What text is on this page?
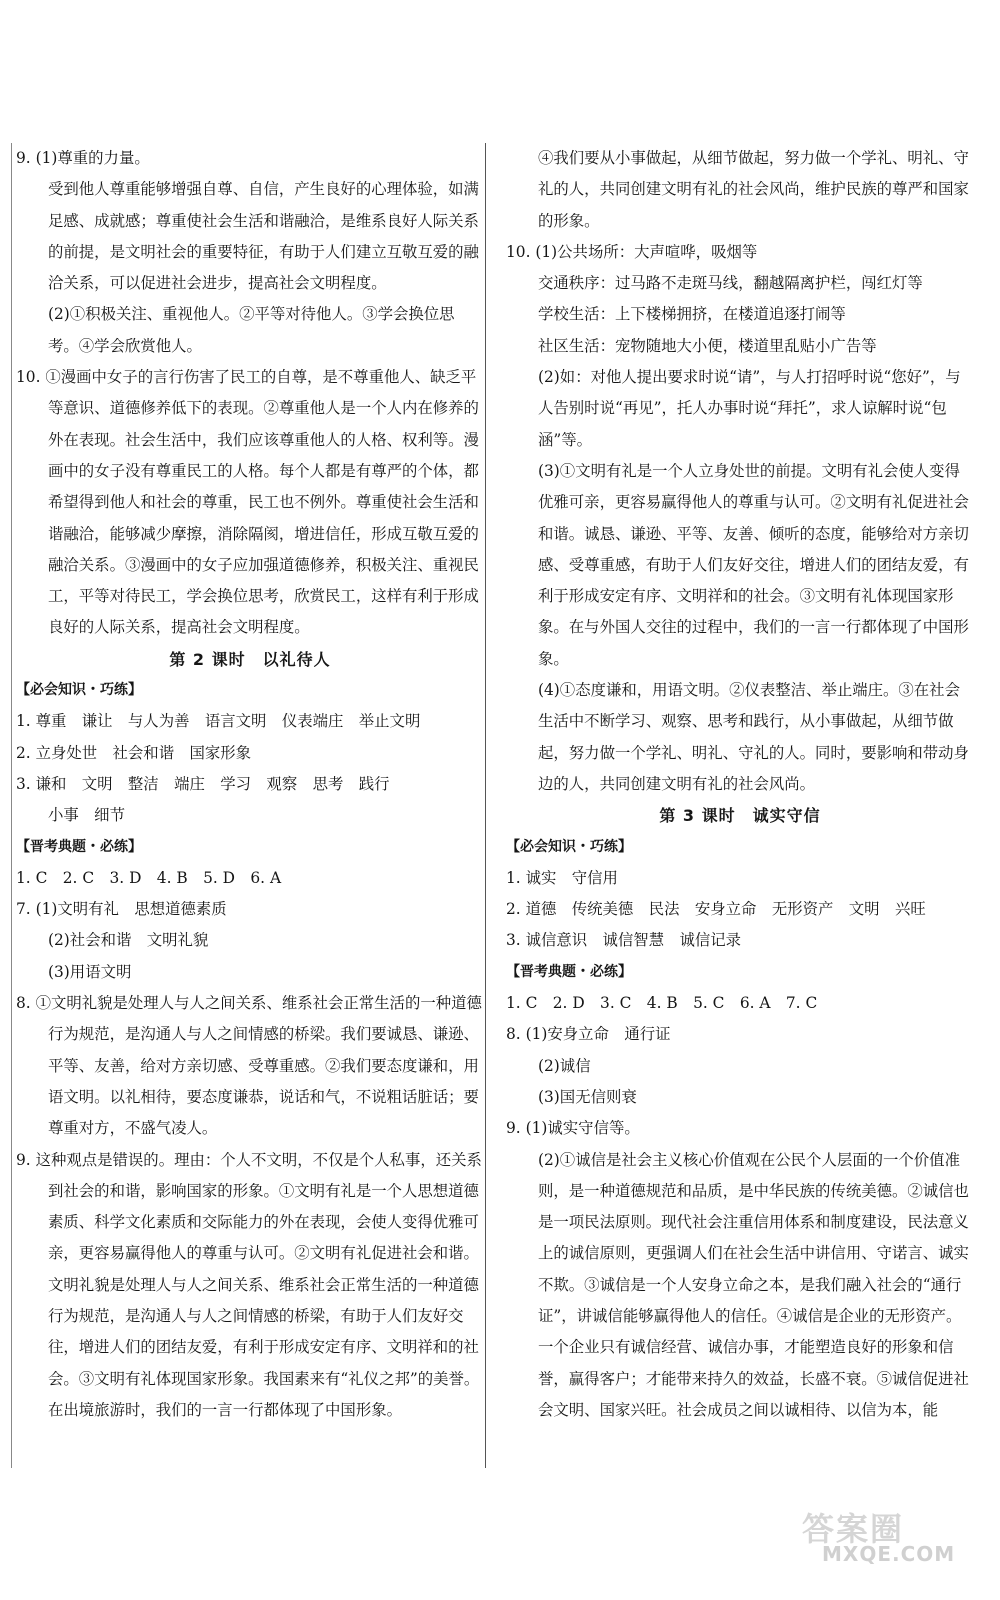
9. (1)尊重的力量。

受到他人尊重能够增强自尊、自信，产生良好的心理体验，如满足感、成就感；尊重使社会生活和谐融洽，是维系良好人际关系的前提，是文明社会的重要特征，有助于人们建立互敬互爱的融洽关系，可以促进社会进步，提高社会文明程度。

(2)①积极关注、重视他人。②平等对待他人。③学会换位思考。④学会欣赏他人。

10. ①漫画中女子的言行伤害了民工的自尊，是不尊重他人、缺乏平等意识、道德修养低下的表现。②尊重他人是一个人内在修养的外在表现。社会生活中，我们应该尊重他人的人格、权利等。漫画中的女子没有尊重民工的人格。每个人都是有尊严的个体，都希望得到他人和社会的尊重，民工也不例外。尊重使社会生活和谐融洽，能够减少摩擦，消除隔阂，增进信任，形成互敬互爱的融洽关系。③漫画中的女子应加强道德修养，积极关注、重视民工，平等对待民工，学会换位思考，欣赏民工，这样有利于形成良好的人际关系，提高社会文明程度。

第 2 课时　以礼待人

【必会知识・巧练】

1. 尊重　谦让　与人为善　语言文明　仪表端庄　举止文明

2. 立身处世　社会和谐　国家形象

3. 谦和　文明　整洁　端庄　学习　观察　思考　践行

小事　细节

【晋考典题・必练】

1. C　2. C　3. D　4. B　5. D　6. A

7. (1)文明有礼　思想道德素质

(2)社会和谐　文明礼貌

(3)用语文明

8. ①文明礼貌是处理人与人之间关系、维系社会正常生活的一种道德行为规范，是沟通人与人之间情感的桥梁。我们要诚恳、谦逊、平等、友善，给对方亲切感、受尊重感。②我们要态度谦和，用语文明。以礼相待，要态度谦恭，说话和气，不说粗话脏话；要尊重对方，不盛气凌人。

9. 这种观点是错误的。理由：个人不文明，不仅是个人私事，还关系到社会的和谐，影响国家的形象。①文明有礼是一个人思想道德素质、科学文化素质和交际能力的外在表现，会使人变得优雅可亲，更容易赢得他人的尊重与认可。②文明有礼促进社会和谐。文明礼貌是处理人与人之间关系、维系社会正常生活的一种道德行为规范，是沟通人与人之间情感的桥梁，有助于人们友好交往，增进人们的团结友爱，有利于形成安定有序、文明祥和的社会。③文明有礼体现国家形象。我国素来有“礼仪之邦”的美誉。在出境旅游时，我们的一言一行都体现了中国形象。

④我们要从小事做起，从细节做起，努力做一个学礼、明礼、守礼的人，共同创建文明有礼的社会风尚，维护民族的尊严和国家的形象。

10. (1)公共场所：大声喧哗，吸烟等

交通秩序：过马路不走斑马线，翻越隔离护栏，闯红灯等

学校生活：上下楼梯拥挤，在楼道追逐打闹等

社区生活：宠物随地大小便，楼道里乱贴小广告等

(2)如：对他人提出要求时说“请”，与人打招呼时说“您好”，与人告别时说“再见”，托人办事时说“拜托”，求人谅解时说“包涵”等。

(3)①文明有礼是一个人立身处世的前提。文明有礼会使人变得优雅可亲，更容易赢得他人的尊重与认可。②文明有礼促进社会和谐。诚恳、谦逊、平等、友善、倾听的态度，能够给对方亲切感、受尊重感，有助于人们友好交往，增进人们的团结友爱，有利于形成安定有序、文明祥和的社会。③文明有礼体现国家形象。在与外国人交往的过程中，我们的一言一行都体现了中国形象。

(4)①态度谦和，用语文明。②仪表整洁、举止端庄。③在社会生活中不断学习、观察、思考和践行，从小事做起，从细节做起，努力做一个学礼、明礼、守礼的人。同时，要影响和带动身边的人，共同创建文明有礼的社会风尚。

第 3 课时　诚实守信

【必会知识・巧练】

1. 诚实　守信用

2. 道德　传统美德　民法　安身立命　无形资产　文明　兴旺

3. 诚信意识　诚信智慧　诚信记录

【晋考典题・必练】

1. C　2. D　3. C　4. B　5. C　6. A　7. C

8. (1)安身立命　通行证

(2)诚信

(3)国无信则衰

9. (1)诚实守信等。

(2)①诚信是社会主义核心价值观在公民个人层面的一个价值准则，是一种道德规范和品质，是中华民族的传统美德。②诚信也是一项民法原则。现代社会注重信用体系和制度建设，民法意义上的诚信原则，更强调人们在社会生活中讲信用、守诺言、诚实不欺。③诚信是一个人安身立命之本，是我们融入社会的“通行证”，讲诚信能够赢得他人的信任。④诚信是企业的无形资产。一个企业只有诚信经营、诚信办事，才能塑造良好的形象和信誉，赢得客户；才能带来持久的效益，长盛不衰。⑤诚信促进社会文明、国家兴旺。社会成员之间以诚相待、以信为本，能

答案圈
MXQE.COM
